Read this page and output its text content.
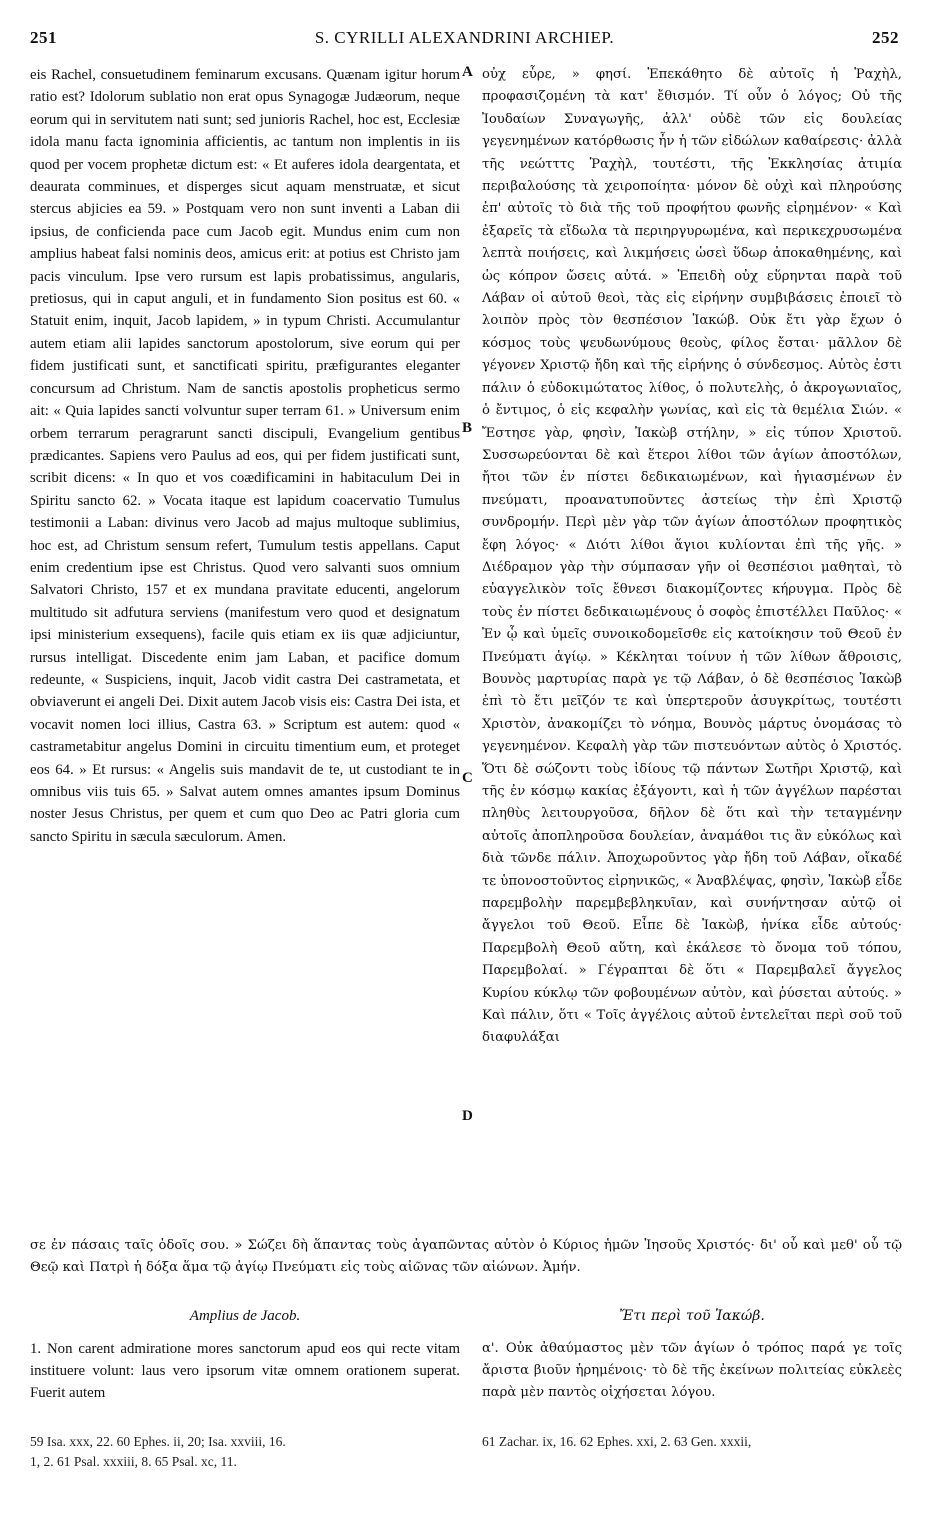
251	S. CYRILLI ALEXANDRINI ARCHIEP.	252

eis Rachel, consuetudinem feminarum excusans. Quænam igitur horum ratio est? Idolorum sublatio non erat opus Synagogæ Judæorum, neque eorum qui in servitutem nati sunt; sed junioris Rachel, hoc est, Ecclesiæ idola manu facta ignominia afficientis, ac tantum non implentis in iis quod per vocem prophetæ dictum est: « Et auferes idola deargentata, et deaurata comminues, et disperges sicut aquam menstruatæ, et sicut stercus abjicies ea 59. » Postquam vero non sunt inventi a Laban dii ipsius, de conficienda pace cum Jacob egit. Mundus enim cum non amplius habeat falsi nominis deos, amicus erit: at potius est Christo jam pacis vinculum. Ipse vero rursum est lapis probatissimus, angularis, pretiosus, qui in caput anguli, et in fundamento Sion positus est 60. « Statuit enim, inquit, Jacob lapidem, » in typum Christi. Accumulantur autem etiam alii lapides sanctorum apostolorum, sive eorum qui per fidem justificati sunt, et sanctificati spiritu, præfigurantes eleganter concursum ad Christum. Nam de sanctis apostolis propheticus sermo ait: « Quia lapides sancti volvuntur super terram 61. » Universum enim orbem terrarum peragrarunt sancti discipuli, Evangelium gentibus prædicantes. Sapiens vero Paulus ad eos, qui per fidem justificati sunt, scribit dicens: « In quo et vos coædificamini in habitaculum Dei in Spiritu sancto 62. » Vocata itaque est lapidum coacervatio Tumulus testimonii a Laban: divinus vero Jacob ad majus multoque sublimius, hoc est, ad Christum sensum refert, Tumulum testis appellans. Caput enim credentium ipse est Christus. Quod vero salvanti suos omnium Salvatori Christo, 157 et ex mundana pravitate educenti, angelorum multitudo sit adfutura serviens (manifestum vero quod et designatum ipsi ministerium exsequens), facile quis etiam ex iis quæ adjiciuntur, rursus intelligat. Discedente enim jam Laban, et pacifice domum redeunte, « Suspiciens, inquit, Jacob vidit castra Dei castrametata, et obviaverunt ei angeli Dei. Dixit autem Jacob visis eis: Castra Dei ista, et vocavit nomen loci illius, Castra 63. » Scriptum est autem: quod « castrametabitur angelus Domini in circuitu timentium eum, et proteget eos 64. » Et rursus: « Angelis suis mandavit de te, ut custodiant te in omnibus viis tuis 65. » Salvat autem omnes amantes ipsum Dominus noster Jesus Christus, per quem et cum quo Deo ac Patri gloria cum sancto Spiritu in sæcula sæculorum. Amen.

οὐχ εὗρε, » φησί. Ἐπεκάθητο δὲ αὐτοῖς ἡ Ῥαχὴλ, προφασιζομένη τὰ κατ' ἔθισμόν. Τί οὖν ὁ λόγος; Οὐ τῆς Ἰουδαίων Συναγωγῆς, ἀλλ' οὐδὲ τῶν εἰς δουλείας γεγενημένων κατόρθωσις ἦν ἡ τῶν εἰδώλων καθαίρεσις· ἀλλὰ τῆς νεώτττς Ῥαχὴλ, τουτέστι, τῆς Ἐκκλησίας ἀτιμία περιβαλούσης τὰ χειροποίητα· μόνον δὲ οὐχὶ καὶ πληρούσης ἐπ' αὐτοῖς τὸ διὰ τῆς τοῦ προφήτου φωνῆς εἰρημένον· « Καὶ ἐξαρεῖς τὰ εἴδωλα τὰ περιηργυρωμένα, καὶ περικεχρυσωμένα λεπτὰ ποιήσεις, καὶ λικμήσεις ὡσεὶ ὕδωρ ἀποκαθημένης, καὶ ὡς κόπρον ὤσεις αὐτά. » Ἐπειδὴ οὐχ εὕρηνται παρὰ τοῦ Λάβαν οἱ αὐτοῦ θεοὶ, τὰς εἰς εἰρήνην συμβιβάσεις ἐποιεῖ τὸ λοιπὸν πρὸς τὸν θεσπέσιον Ἰακώβ. Οὐκ ἔτι γὰρ ἔχων ὁ κόσμος τοὺς ψευδωνύμους θεοὺς, φίλος ἔσται· μᾶλλον δὲ γέγονεν Χριστῷ ἤδη καὶ τῆς εἰρήνης ὁ σύνδεσμος. Αὐτὸς ἐστι πάλιν ὁ εὐδοκιμώτατος λίθος, ὁ πολυτελὴς, ὁ ἀκρογωνιαῖος, ὁ ἔντιμος, ὁ εἰς κεφαλὴν γωνίας, καὶ εἰς τὰ θεμέλια Σιών. « Ἔστησε γὰρ, φησὶν, Ἰακὼβ στήλην, » εἰς τύπον Χριστοῦ. Συσσωρεύονται δὲ καὶ ἕτεροι λίθοι τῶν ἁγίων ἀποστόλων, ἤτοι τῶν ἐν πίστει δεδικαιωμένων, καὶ ἡγιασμένων ἐν πνεύματι, προανατυποῦντες ἀστείως τὴν ἐπὶ Χριστῷ συνδρομήν. Περὶ μὲν γὰρ τῶν ἁγίων ἀποστόλων προφητικὸς ἔφη λόγος· « Διότι λίθοι ἅγιοι κυλίονται ἐπὶ τῆς γῆς. » Διέδραμον γὰρ τὴν σύμπασαν γῆν οἱ θεσπέσιοι μαθηταὶ, τὸ εὐαγγελικὸν τοῖς ἔθνεσι διακομίζοντες κήρυγμα. Πρὸς δὲ τοὺς ἐν πίστει δεδικαιωμένους ὁ σοφὸς ἐπιστέλλει Παῦλος· « Ἐν ᾧ καὶ ὑμεῖς συνοικοδομεῖσθε εἰς κατοίκησιν τοῦ Θεοῦ ἐν Πνεύματι ἁγίῳ. » Κέκληται τοίνυν ἡ τῶν λίθων ἄθροισις, Βουνὸς μαρτυρίας παρὰ γε τῷ Λάβαν, ὁ δὲ θεσπέσιος Ἰακὼβ ἐπὶ τὸ ἔτι μεῖζόν τε καὶ ὑπερτεροῦν ἀσυγκρίτως, τουτέστι Χριστὸν, ἀνακομίζει τὸ νόημα, Βουνὸς μάρτυς ὀνομάσας τὸ γεγενημένον. Κεφαλὴ γὰρ τῶν πιστευόντων αὐτὸς ὁ Χριστός. Ὅτι δὲ σώζοντι τοὺς ἰδίους τῷ πάντων Σωτῆρι Χριστῷ, καὶ τῆς ἐν κόσμῳ κακίας ἐξάγοντι, καὶ ἡ τῶν ἀγγέλων παρέσται πληθὺς λειτουργοῦσα, δῆλον δὲ ὅτι καὶ τὴν τεταγμένην αὐτοῖς ἀποπληροῦσα δουλείαν, ἀναμάθοι τις ἂν εὐκόλως καὶ διὰ τῶνδε πάλιν. Ἀποχωροῦντος γὰρ ἤδη τοῦ Λάβαν, οἴκαδέ τε ὑπονοστοῦντος εἰρηνικῶς, « Ἀναβλέψας, φησὶν, Ἰακὼβ εἶδε παρεμβολὴν παρεμβεβληκυῖαν, καὶ συνήντησαν αὐτῷ οἱ ἄγγελοι τοῦ Θεοῦ. Εἶπε δὲ Ἰακὼβ, ἡνίκα εἶδε αὐτούς· Παρεμβολὴ Θεοῦ αὕτη, καὶ ἐκάλεσε τὸ ὄνομα τοῦ τόπου, Παρεμβολαί. » Γέγραπται δὲ ὅτι « Παρεμβαλεῖ ἄγγελος Κυρίου κύκλῳ τῶν φοβουμένων αὐτὸν, καὶ ῥύσεται αὐτούς. » Καὶ πάλιν, ὅτι « Τοῖς ἀγγέλοις αὐτοῦ ἐντελεῖται περὶ σοῦ τοῦ διαφυλάξαι

A
B
C
D
σε ἐν πάσαις ταῖς ὁδοῖς σου. » Σώζει δὴ ἅπαντας τοὺς ἀγαπῶντας αὐτὸν ὁ Κύριος ἡμῶν Ἰησοῦς Χριστός· δι' οὗ καὶ μεθ' οὗ τῷ Θεῷ καὶ Πατρὶ ἡ δόξα ἅμα τῷ ἁγίῳ Πνεύματι εἰς τοὺς αἰῶνας τῶν αἰώνων. Ἀμήν.
Amplius de Jacob.	Ἔτι περὶ τοῦ Ἰακώβ.
1. Non carent admiratione mores sanctorum apud eos qui recte vitam instituere volunt: laus vero ipsorum vitæ omnem orationem superat. Fuerit autem
α'. Οὐκ ἀθαύμαστος μὲν τῶν ἁγίων ὁ τρόπος παρά γε τοῖς ἄριστα βιοῦν ἡρημένοις· τὸ δὲ τῆς ἐκείνων πολιτείας εὐκλεὲς παρὰ μὲν παντὸς οἰχήσεται λόγου.
59 Isa. xxx, 22. 60 Ephes. ii, 20; Isa. xxviii, 16.
1, 2. 61 Psal. xxxiii, 8. 65 Psal. xc, 11.
61 Zachar. ix, 16. 62 Ephes. xxi, 2. 63 Gen. xxxii,
